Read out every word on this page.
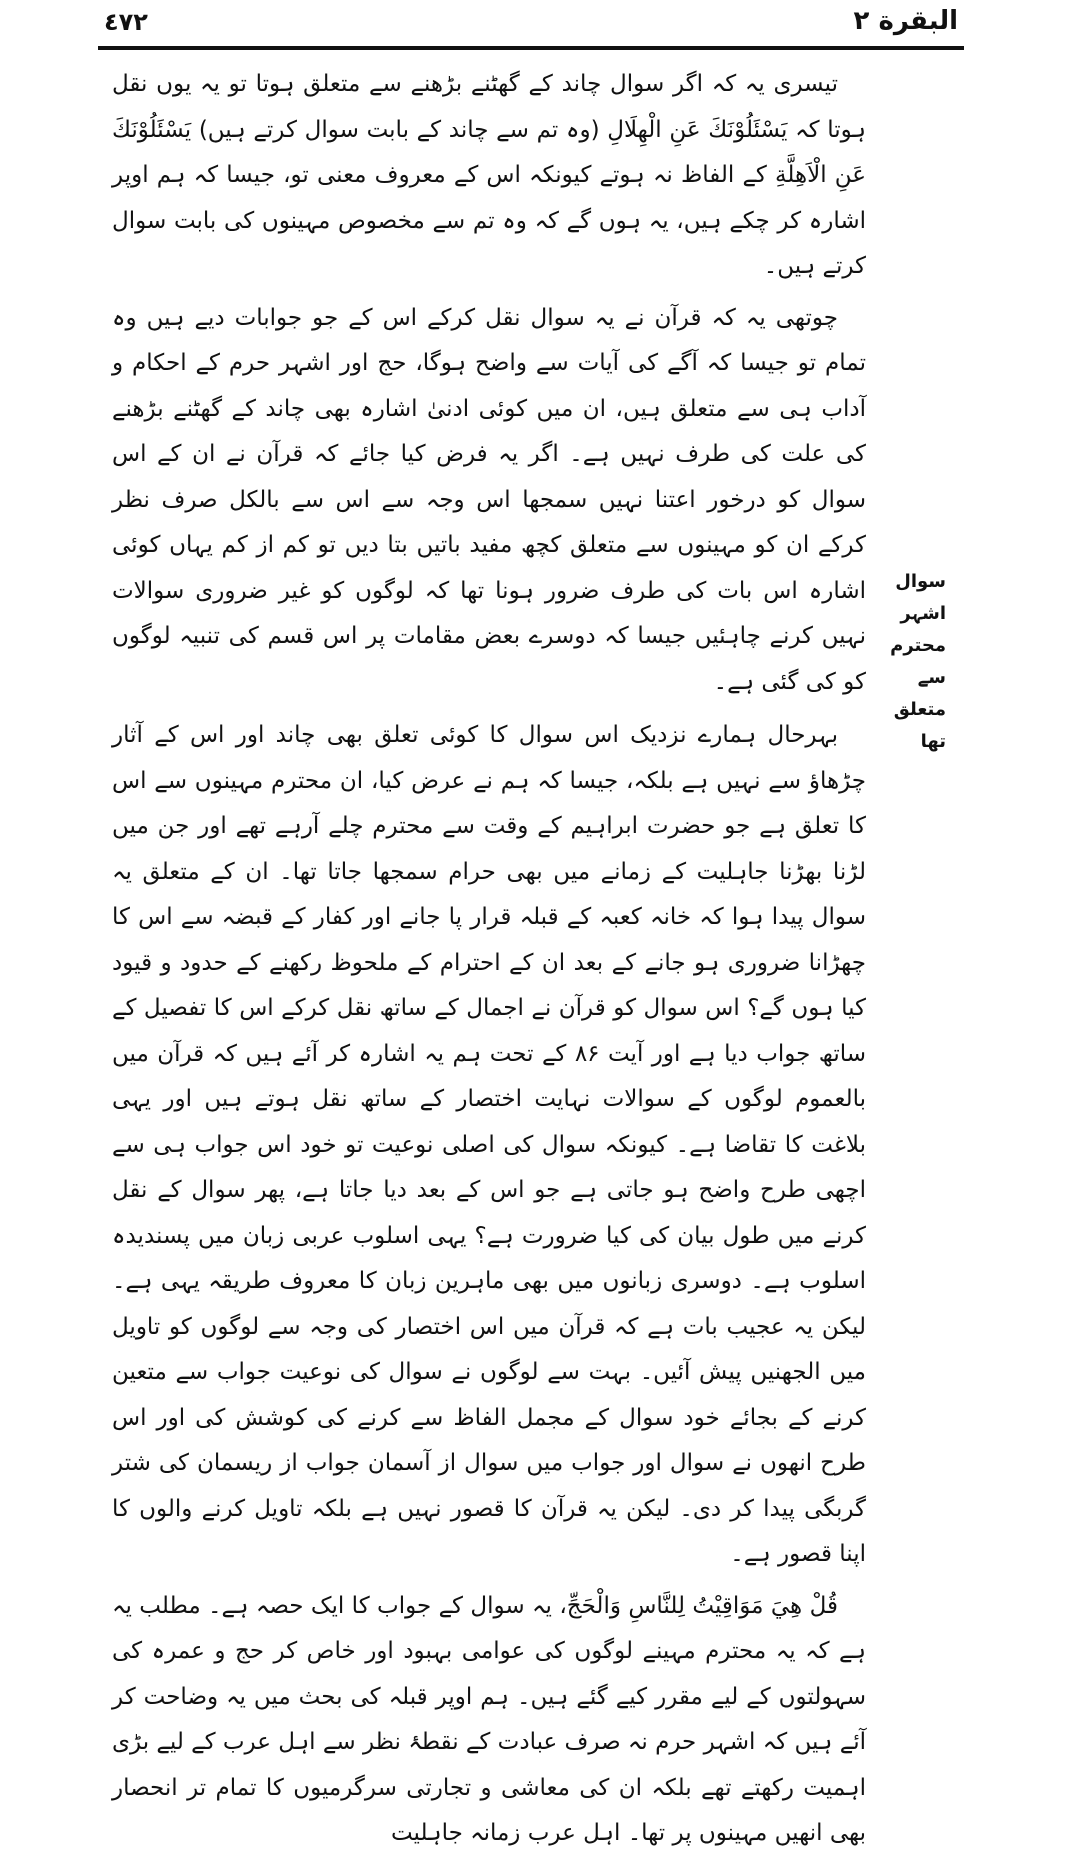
٤٧٢	البقرة ٢
سوال اشہر
محترم سے
متعلق تھا

تیسری یہ کہ اگر سوال چاند کے گھٹنے بڑھنے سے متعلق ہوتا تو یہ یوں نقل ہوتا کہ یَسْئَلُوْنَكَ عَنِ الْهِلَالِ (وہ تم سے چاند کے بابت سوال کرتے ہیں) یَسْئَلُوْنَكَ عَنِ الْاَهِلَّةِ کے الفاظ نہ ہوتے کیونکہ اس کے معروف معنی تو، جیسا کہ ہم اوپر اشارہ کر چکے ہیں، یہ ہوں گے کہ وہ تم سے مخصوص مہینوں کی بابت سوال کرتے ہیں۔

چوتھی یہ کہ قرآن نے یہ سوال نقل کرکے اس کے جو جوابات دیے ہیں وہ تمام تو جیسا کہ آگے کی آیات سے واضح ہوگا، حج اور اشہر حرم کے احکام و آداب ہی سے متعلق ہیں، ان میں کوئی ادنیٰ اشارہ بھی چاند کے گھٹنے بڑھنے کی علت کی طرف نہیں ہے۔ اگر یہ فرض کیا جائے کہ قرآن نے ان کے اس سوال کو درخور اعتنا نہیں سمجھا اس وجہ سے اس سے بالکل صرف نظر کرکے ان کو مہینوں سے متعلق کچھ مفید باتیں بتا دیں تو کم از کم یہاں کوئی اشارہ اس بات کی طرف ضرور ہونا تھا کہ لوگوں کو غیر ضروری سوالات نہیں کرنے چاہئیں جیسا کہ دوسرے بعض مقامات پر اس قسم کی تنبیہ لوگوں کو کی گئی ہے۔

بہرحال ہمارے نزدیک اس سوال کا کوئی تعلق بھی چاند اور اس کے آثار چڑھاؤ سے نہیں ہے بلکہ، جیسا کہ ہم نے عرض کیا، ان محترم مہینوں سے اس کا تعلق ہے جو حضرت ابراہیم کے وقت سے محترم چلے آرہے تھے اور جن میں لڑنا بھڑنا جاہلیت کے زمانے میں بھی حرام سمجھا جاتا تھا۔ ان کے متعلق یہ سوال پیدا ہوا کہ خانہ کعبہ کے قبلہ قرار پا جانے اور کفار کے قبضہ سے اس کا چھڑانا ضروری ہو جانے کے بعد ان کے احترام کے ملحوظ رکھنے کے حدود و قیود کیا ہوں گے؟ اس سوال کو قرآن نے اجمال کے ساتھ نقل کرکے اس کا تفصیل کے ساتھ جواب دیا ہے اور آیت ۸۶ کے تحت ہم یہ اشارہ کر آئے ہیں کہ قرآن میں بالعموم لوگوں کے سوالات نہایت اختصار کے ساتھ نقل ہوتے ہیں اور یہی بلاغت کا تقاضا ہے۔ کیونکہ سوال کی اصلی نوعیت تو خود اس جواب ہی سے اچھی طرح واضح ہو جاتی ہے جو اس کے بعد دیا جاتا ہے، پھر سوال کے نقل کرنے میں طول بیان کی کیا ضرورت ہے؟ یہی اسلوب عربی زبان میں پسندیدہ اسلوب ہے۔ دوسری زبانوں میں بھی ماہرین زبان کا معروف طریقہ یہی ہے۔ لیکن یہ عجیب بات ہے کہ قرآن میں اس اختصار کی وجہ سے لوگوں کو تاویل میں الجھنیں پیش آئیں۔ بہت سے لوگوں نے سوال کی نوعیت جواب سے متعین کرنے کے بجائے خود سوال کے مجمل الفاظ سے کرنے کی کوشش کی اور اس طرح انھوں نے سوال اور جواب میں سوال از آسمان جواب از ریسمان کی شتر گربگی پیدا کر دی۔ لیکن یہ قرآن کا قصور نہیں ہے بلکہ تاویل کرنے والوں کا اپنا قصور ہے۔

قُلْ هِيَ مَوَاقِيْتُ لِلنَّاسِ وَالْحَجِّ، یہ سوال کے جواب کا ایک حصہ ہے۔ مطلب یہ ہے کہ یہ محترم مہینے لوگوں کی عوامی بہبود اور خاص کر حج و عمرہ کی سہولتوں کے لیے مقرر کیے گئے ہیں۔ ہم اوپر قبلہ کی بحث میں یہ وضاحت کر آئے ہیں کہ اشہر حرم نہ صرف عبادت کے نقطۂ نظر سے اہل عرب کے لیے بڑی اہمیت رکھتے تھے بلکہ ان کی معاشی و تجارتی سرگرمیوں کا تمام تر انحصار بھی انھیں مہینوں پر تھا۔ اہل عرب زمانہ جاہلیت
